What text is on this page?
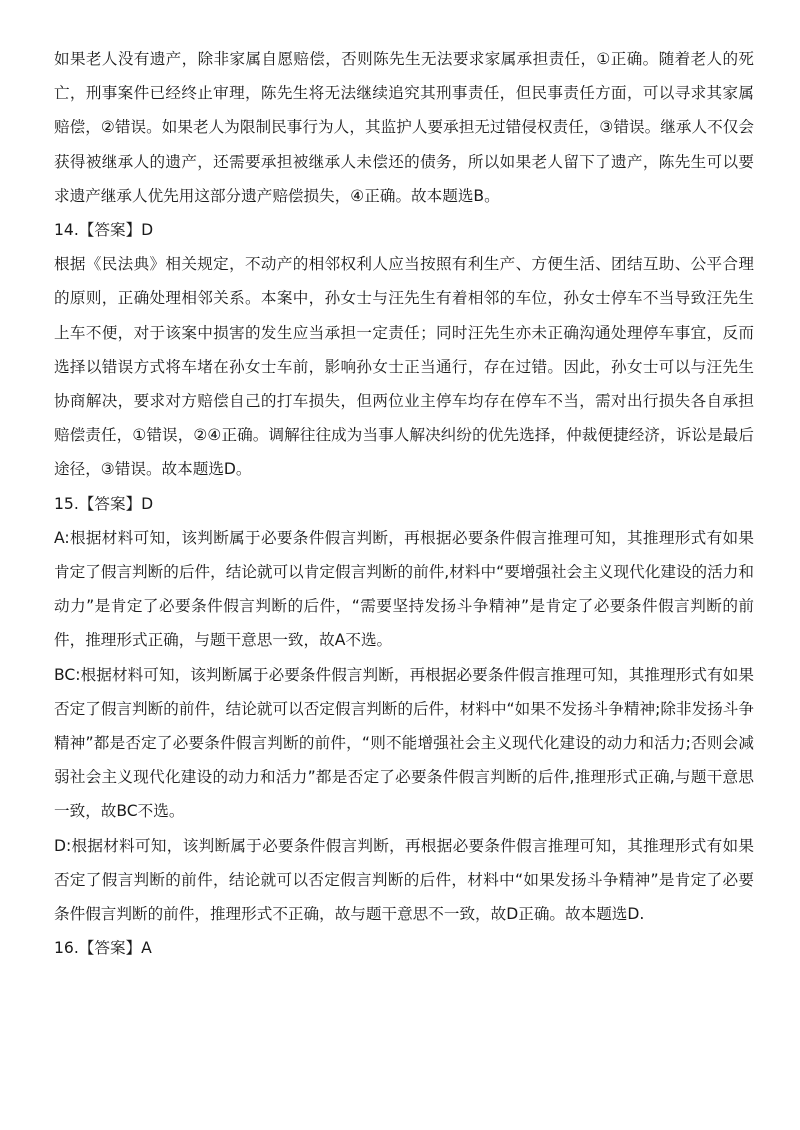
如果老人没有遗产，除非家属自愿赔偿，否则陈先生无法要求家属承担责任，①正确。随着老人的死亡，刑事案件已经终止审理，陈先生将无法继续追究其刑事责任，但民事责任方面，可以寻求其家属赔偿，②错误。如果老人为限制民事行为人，其监护人要承担无过错侵权责任，③错误。继承人不仅会获得被继承人的遗产，还需要承担被继承人未偿还的债务，所以如果老人留下了遗产，陈先生可以要求遗产继承人优先用这部分遗产赔偿损失，④正确。故本题选B。

14.【答案】D

根据《民法典》相关规定，不动产的相邻权利人应当按照有利生产、方便生活、团结互助、公平合理的原则，正确处理相邻关系。本案中，孙女士与汪先生有着相邻的车位，孙女士停车不当导致汪先生上车不便，对于该案中损害的发生应当承担一定责任；同时汪先生亦未正确沟通处理停车事宜，反而选择以错误方式将车堵在孙女士车前，影响孙女士正当通行，存在过错。因此，孙女士可以与汪先生协商解决，要求对方赔偿自己的打车损失，但两位业主停车均存在停车不当，需对出行损失各自承担赔偿责任，①错误，②④正确。调解往往成为当事人解决纠纷的优先选择，仲裁便捷经济，诉讼是最后途径，③错误。故本题选D。

15.【答案】D

A:根据材料可知，该判断属于必要条件假言判断，再根据必要条件假言推理可知，其推理形式有如果肯定了假言判断的后件，结论就可以肯定假言判断的前件,材料中“要增强社会主义现代化建设的活力和动力”是肯定了必要条件假言判断的后件，“需要坚持发扬斗争精神”是肯定了必要条件假言判断的前件，推理形式正确，与题干意思一致，故A不选。

BC:根据材料可知，该判断属于必要条件假言判断，再根据必要条件假言推理可知，其推理形式有如果否定了假言判断的前件，结论就可以否定假言判断的后件，材料中“如果不发扬斗争精神;除非发扬斗争精神”都是否定了必要条件假言判断的前件，“则不能增强社会主义现代化建设的动力和活力;否则会减弱社会主义现代化建设的动力和活力”都是否定了必要条件假言判断的后件,推理形式正确,与题干意思一致，故BC不选。

D:根据材料可知，该判断属于必要条件假言判断，再根据必要条件假言推理可知，其推理形式有如果否定了假言判断的前件，结论就可以否定假言判断的后件，材料中“如果发扬斗争精神”是肯定了必要条件假言判断的前件，推理形式不正确，故与题干意思不一致，故D正确。故本题选D.

16.【答案】A
